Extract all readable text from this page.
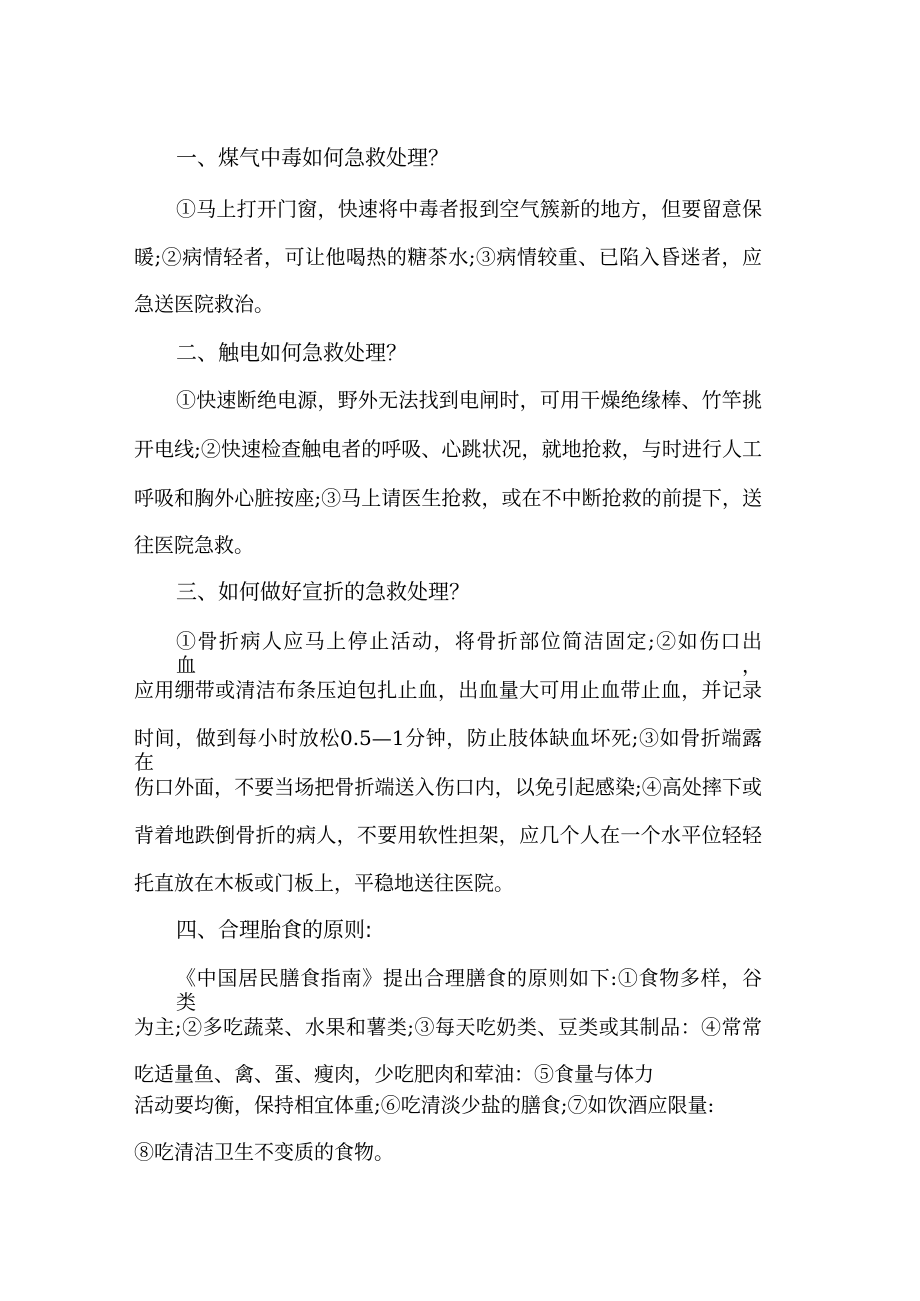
一、煤气中毒如何急救处理？
①马上打开门窗，快速将中毒者报到空气簇新的地方，但要留意保
暖;②病情轻者，可让他喝热的糖茶水;③病情较重、已陷入昏迷者，应
急送医院救治。
二、触电如何急救处理？
①快速断绝电源，野外无法找到电闸时，可用干燥绝缘棒、竹竿挑
开电线;②快速检查触电者的呼吸、心跳状况，就地抢救，与时进行人工
呼吸和胸外心脏按座;③马上请医生抢救，或在不中断抢救的前提下，送
往医院急救。
三、如何做好宣折的急救处理？
①骨折病人应马上停止活动，将骨折部位简洁固定;②如伤口出血，
应用绷带或清洁布条压迫包扎止血，出血量大可用止血带止血，并记录
时间，做到每小时放松0.5—1分钟，防止肢体缺血坏死;③如骨折端露在
伤口外面，不要当场把骨折端送入伤口内，以免引起感染;④高处摔下或
背着地跌倒骨折的病人，不要用软性担架，应几个人在一个水平位轻轻
托直放在木板或门板上，平稳地送往医院。
四、合理胎食的原则:
《中国居民膳食指南》提出合理膳食的原则如下:①食物多样，谷类
为主;②多吃蔬菜、水果和薯类;③每天吃奶类、豆类或其制品：④常常
吃适量鱼、禽、蛋、瘦肉，少吃肥肉和荤油：⑤食量与体力
活动要均衡，保持相宜体重;⑥吃清淡少盐的膳食;⑦如饮酒应限量:
⑧吃清洁卫生不变质的食物。
